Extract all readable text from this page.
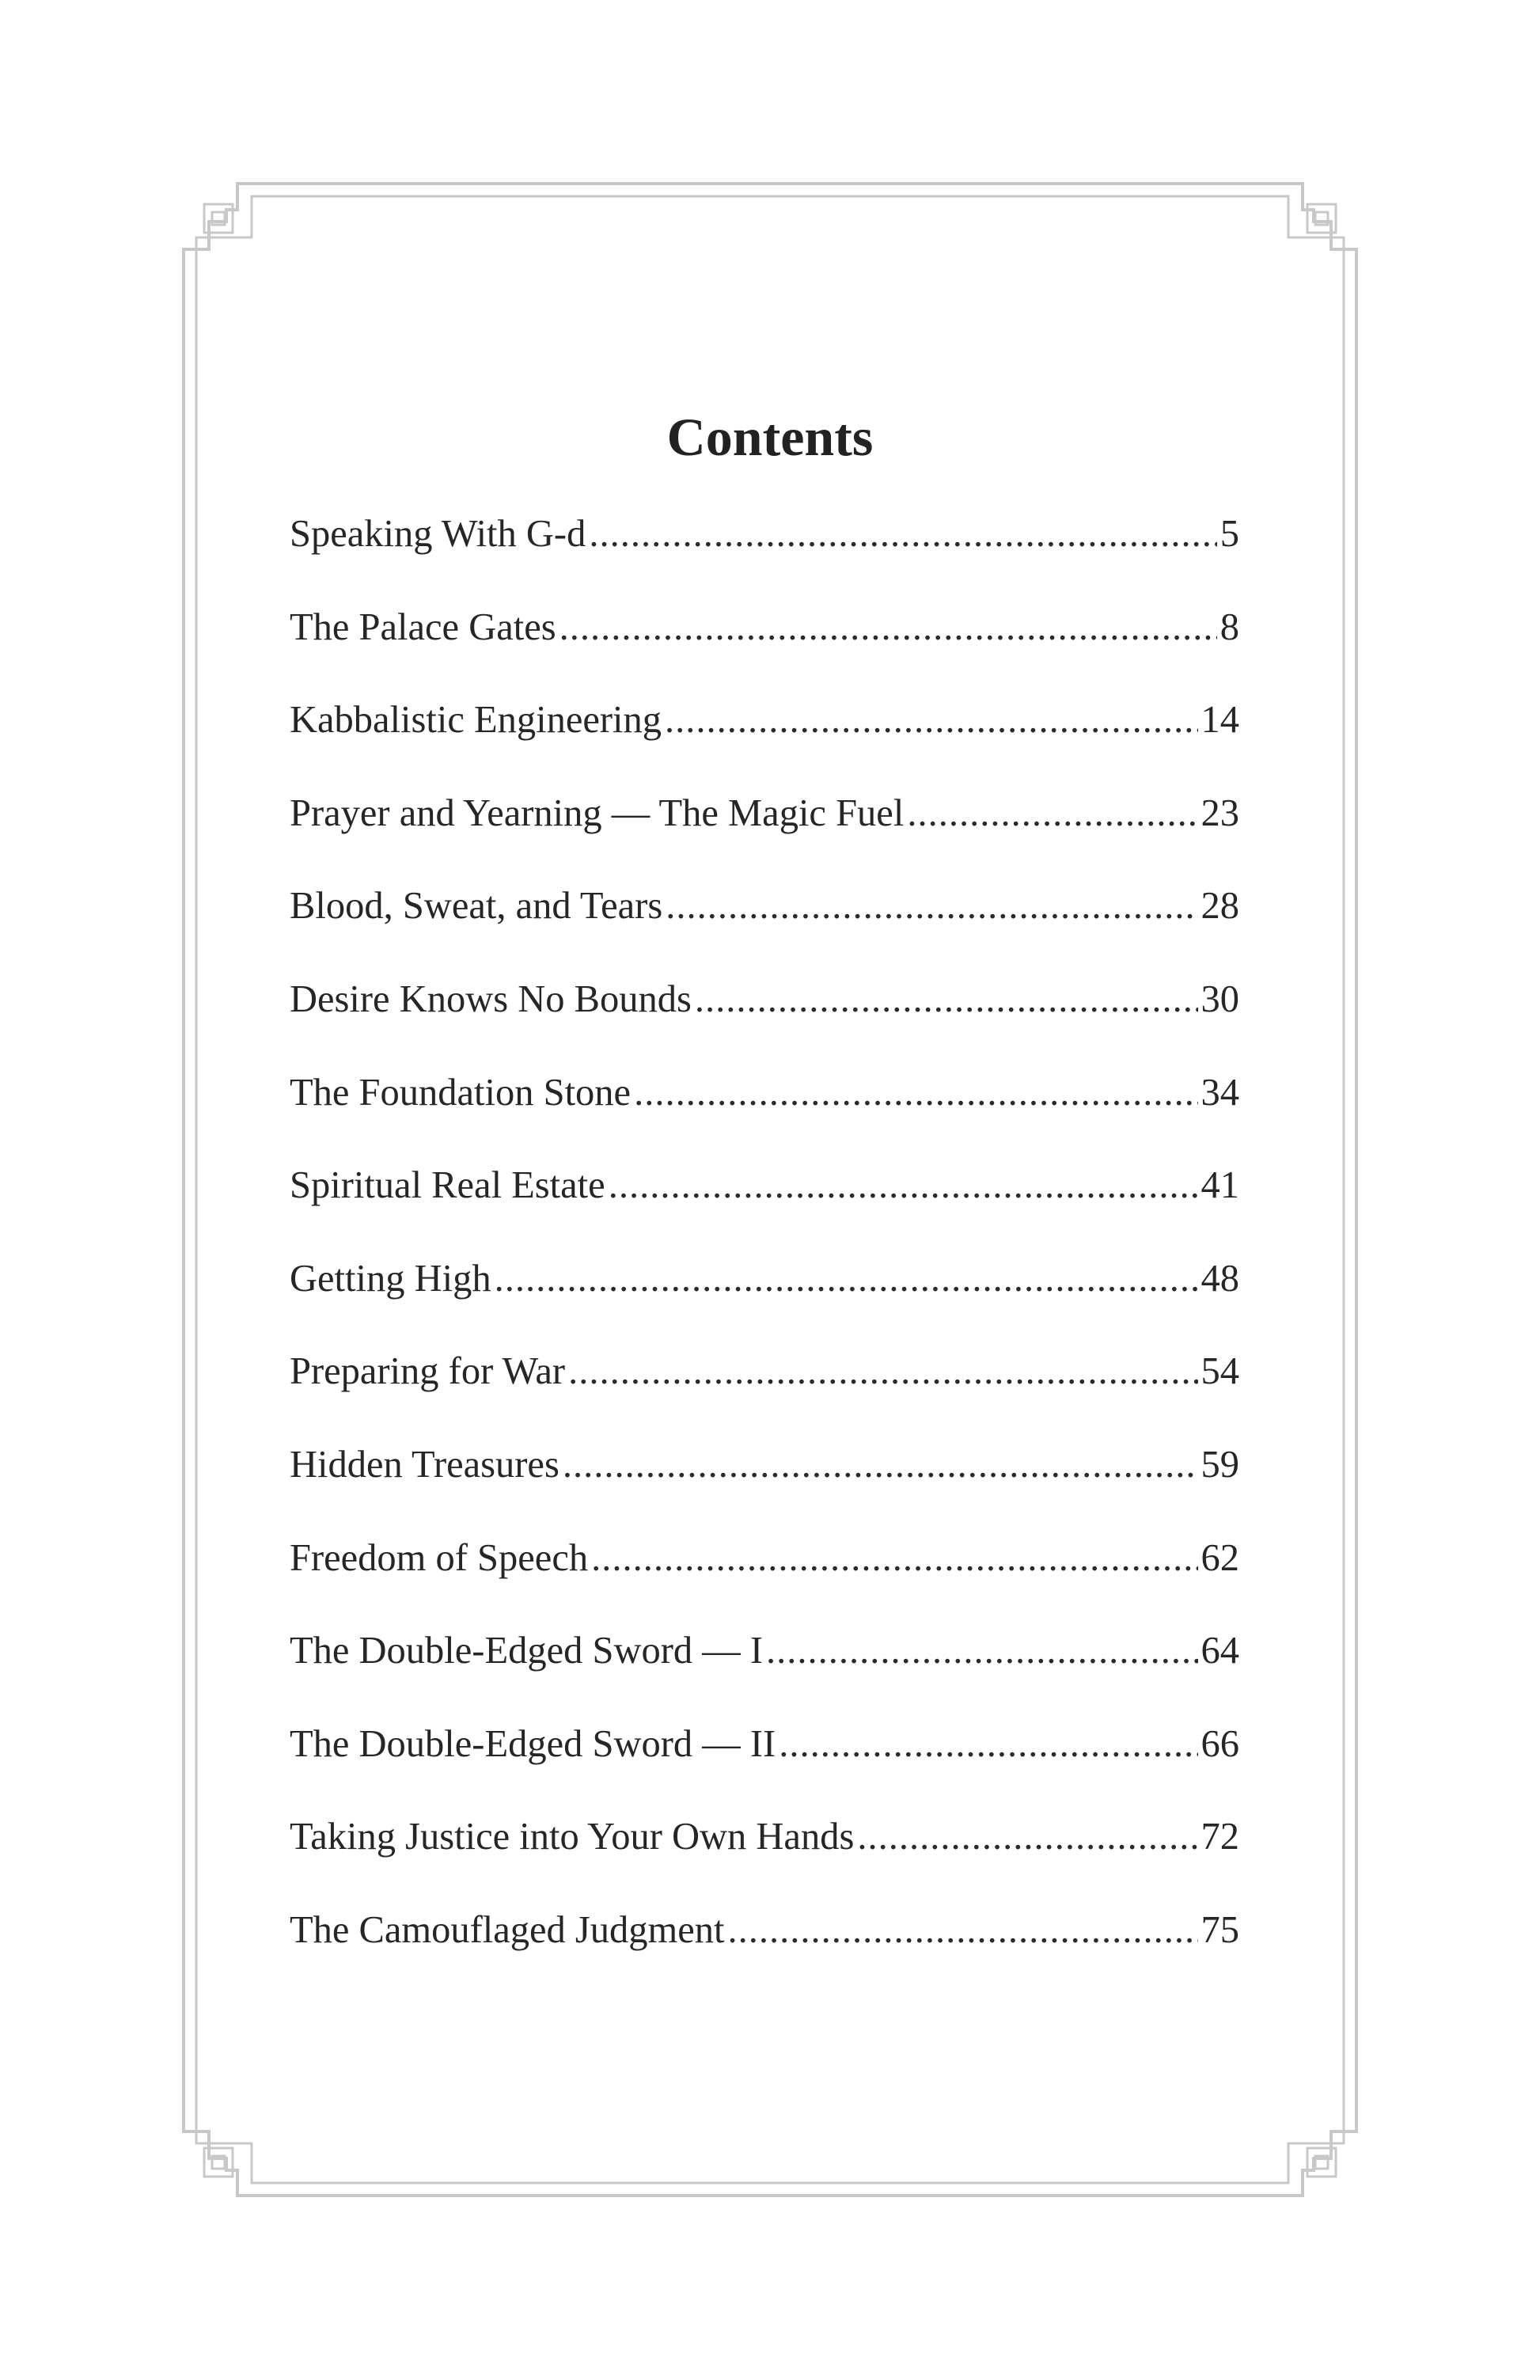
Contents
Speaking With G-d .....	5
The Palace Gates .....	8
Kabbalistic Engineering .....	14
Prayer and Yearning — The Magic Fuel .....	23
Blood, Sweat, and Tears .....	28
Desire Knows No Bounds .....	30
The Foundation Stone .....	34
Spiritual Real Estate .....	41
Getting High .....	48
Preparing for War .....	54
Hidden Treasures .....	59
Freedom of Speech .....	62
The Double-Edged Sword — I .....	64
The Double-Edged Sword — II .....	66
Taking Justice into Your Own Hands .....	72
The Camouflaged Judgment .....	75
